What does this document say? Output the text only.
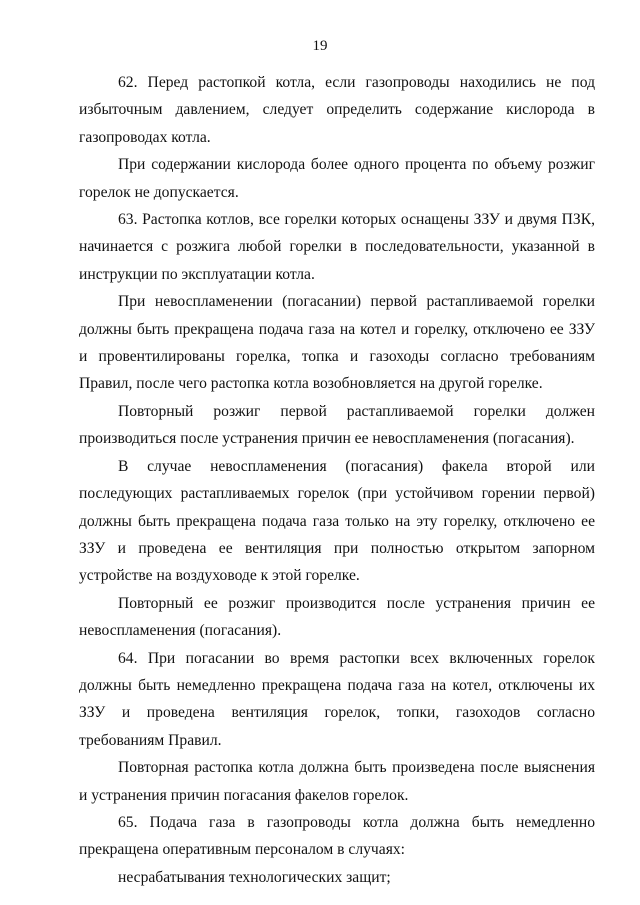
19

62. Перед растопкой котла, если газопроводы находились не под избыточным давлением, следует определить содержание кислорода в газопроводах котла.

При содержании кислорода более одного процента по объему розжиг горелок не допускается.

63. Растопка котлов, все горелки которых оснащены ЗЗУ и двумя ПЗК, начинается с розжига любой горелки в последовательности, указанной в инструкции по эксплуатации котла.

При невоспламенении (погасании) первой растапливаемой горелки должны быть прекращена подача газа на котел и горелку, отключено ее ЗЗУ и провентилированы горелка, топка и газоходы согласно требованиям Правил, после чего растопка котла возобновляется на другой горелке.

Повторный розжиг первой растапливаемой горелки должен производиться после устранения причин ее невоспламенения (погасания).

В случае невоспламенения (погасания) факела второй или последующих растапливаемых горелок (при устойчивом горении первой) должны быть прекращена подача газа только на эту горелку, отключено ее ЗЗУ и проведена ее вентиляция при полностью открытом запорном устройстве на воздуховоде к этой горелке.

Повторный ее розжиг производится после устранения причин ее невоспламенения (погасания).

64. При погасании во время растопки всех включенных горелок должны быть немедленно прекращена подача газа на котел, отключены их ЗЗУ и проведена вентиляция горелок, топки, газоходов согласно требованиям Правил.

Повторная растопка котла должна быть произведена после выяснения и устранения причин погасания факелов горелок.

65. Подача газа в газопроводы котла должна быть немедленно прекращена оперативным персоналом в случаях:

несрабатывания технологических защит;
